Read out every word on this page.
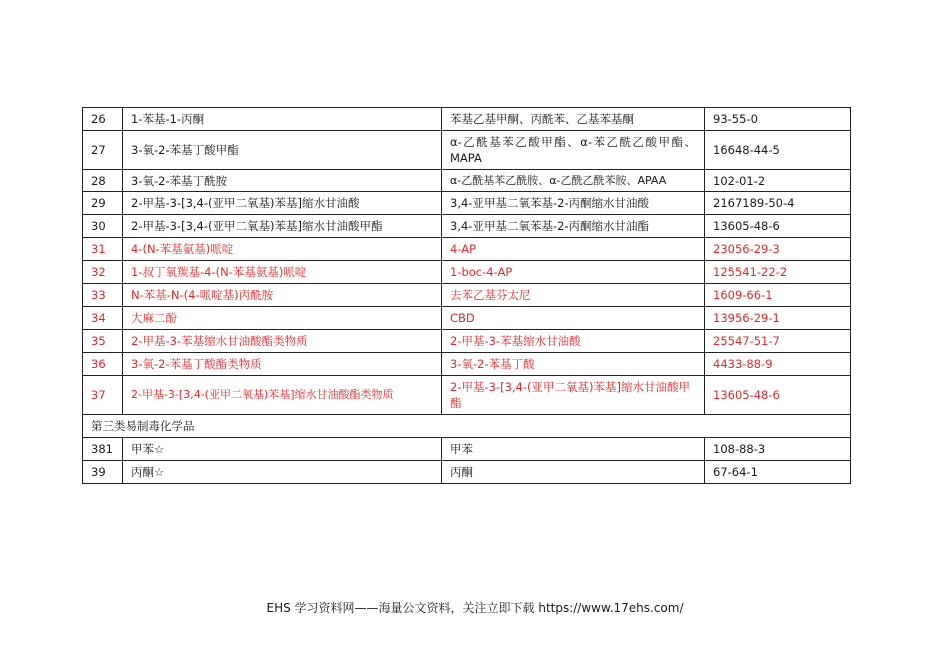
26	1-苯基-1-丙酮	苯基乙基甲酮、丙酰苯、乙基苯基酮	93-55-0
27	3-氧-2-苯基丁酸甲酯	α-乙酰基苯乙酸甲酯、α-苯乙酰乙酸甲酯、MAPA	16648-44-5
28	3-氧-2-苯基丁酰胺	α-乙酰基苯乙酰胺、α-乙酰乙酰苯胺、APAA	102-01-2
29	2-甲基-3-[3,4-(亚甲二氧基)苯基]缩水甘油酸	3,4-亚甲基二氧苯基-2-丙酮缩水甘油酸	2167189-50-4
30	2-甲基-3-[3,4-(亚甲二氧基)苯基]缩水甘油酸甲酯	3,4-亚甲基二氧苯基-2-丙酮缩水甘油酯	13605-48-6
31	4-(N-苯基氨基)哌啶	4-AP	23056-29-3
32	1-叔丁氧羰基-4-(N-苯基氨基)哌啶	1-boc-4-AP	125541-22-2
33	N-苯基-N-(4-哌啶基)丙酰胺	去苯乙基芬太尼	1609-66-1
34	大麻二酚	CBD	13956-29-1
35	2-甲基-3-苯基缩水甘油酸酯类物质	2-甲基-3-苯基缩水甘油酸	25547-51-7
36	3-氧-2-苯基丁酸酯类物质	3-氧-2-苯基丁酸	4433-88-9
37	2-甲基-3-[3,4-(亚甲二氧基)苯基]缩水甘油酸酯类物质	2-甲基-3-[3,4-(亚甲二氧基)苯基]缩水甘油酸甲酯	13605-48-6
第三类易制毒化学品			
381	甲苯☆	甲苯	108-88-3
39	丙酮☆	丙酮	67-64-1
EHS 学习资料网——海量公文资料，关注立即下载 https://www.17ehs.com/
